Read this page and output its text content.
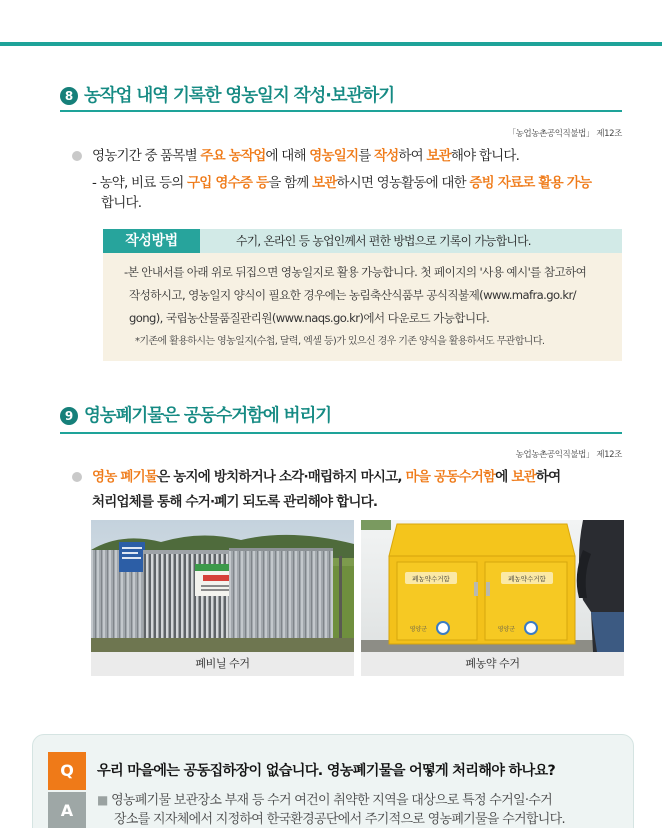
8 농작업 내역 기록한 영농일지 작성·보관하기
「농업농촌공익직불법」 제12조
영농기간 중 품목별 주요 농작업에 대해 영농일지를 작성하여 보관해야 합니다.
- 농약, 비료 등의 구입 영수증 등을 함께 보관하시면 영농활동에 대한 증빙 자료로 활용 가능
합니다.
작성방법	수기, 온라인 등 농업인께서 편한 방법으로 기록이 가능합니다.
-본 안내서를 아래 위로 뒤집으면 영농일지로 활용 가능합니다. 첫 페이지의 '사용 예시'를 참고하여
작성하시고, 영농일지 양식이 필요한 경우에는 농림축산식품부 공식직불제(www.mafra.go.kr/
gong), 국립농산물품질관리원(www.naqs.go.kr)에서 다운로드 가능합니다.
*기존에 활용하시는 영농일지(수첩, 달력, 엑셀 등)가 있으신 경우 기존 양식을 활용하셔도 무관합니다.
9 영농폐기물은 공동수거함에 버리기
농업농촌공익직불법」 제12조
영농 폐기물은 농지에 방치하거나 소각·매립하지 마시고, 마을 공동수거함에 보관하여
처리업체를 통해 수거·폐기 되도록 관리해야 합니다.
폐비닐 수거
폐농약수거함	폐농약수거함
영양군	영양군
폐농약 수거
Q	우리 마을에는 공동집하장이 없습니다. 영농폐기물을 어떻게 처리해야 하나요?
A
■ 영농폐기물 보관장소 부재 등 수거 여건이 취약한 지역을 대상으로 특정 수거일·수거
장소를 지자체에서 지정하여 한국환경공단에서 주기적으로 영농폐기물을 수거합니다.
